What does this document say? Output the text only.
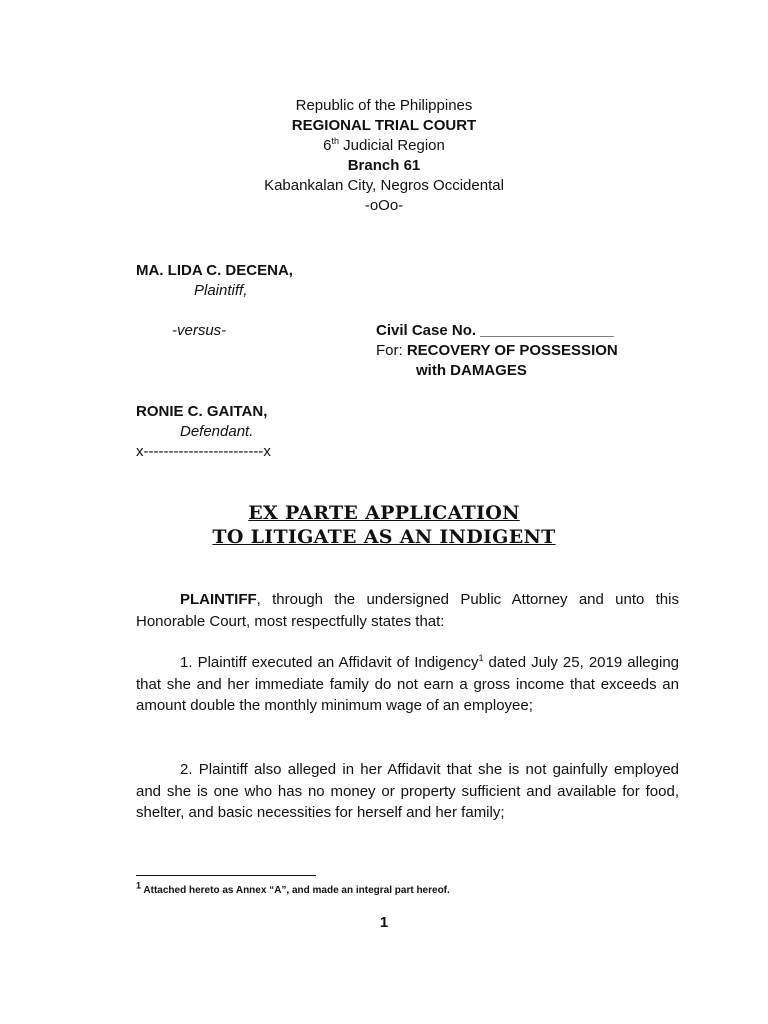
Republic of the Philippines
REGIONAL TRIAL COURT
6th Judicial Region
Branch 61
Kabankalan City, Negros Occidental
-oOo-
MA. LIDA C. DECENA,
Plaintiff,
-versus-	Civil Case No. ________________
For: RECOVERY OF POSSESSION
with DAMAGES
RONIE C. GAITAN,
Defendant.
x------------------------x
EX PARTE APPLICATION
TO LITIGATE AS AN INDIGENT
PLAINTIFF, through the undersigned Public Attorney and unto this Honorable Court, most respectfully states that:
1. Plaintiff executed an Affidavit of Indigency$^1$ dated July 25, 2019 alleging that she and her immediate family do not earn a gross income that exceeds an amount double the monthly minimum wage of an employee;
2. Plaintiff also alleged in her Affidavit that she is not gainfully employed and she is one who has no money or property sufficient and available for food, shelter, and basic necessities for herself and her family;
$^1$ Attached hereto as Annex “A”, and made an integral part hereof.
1
